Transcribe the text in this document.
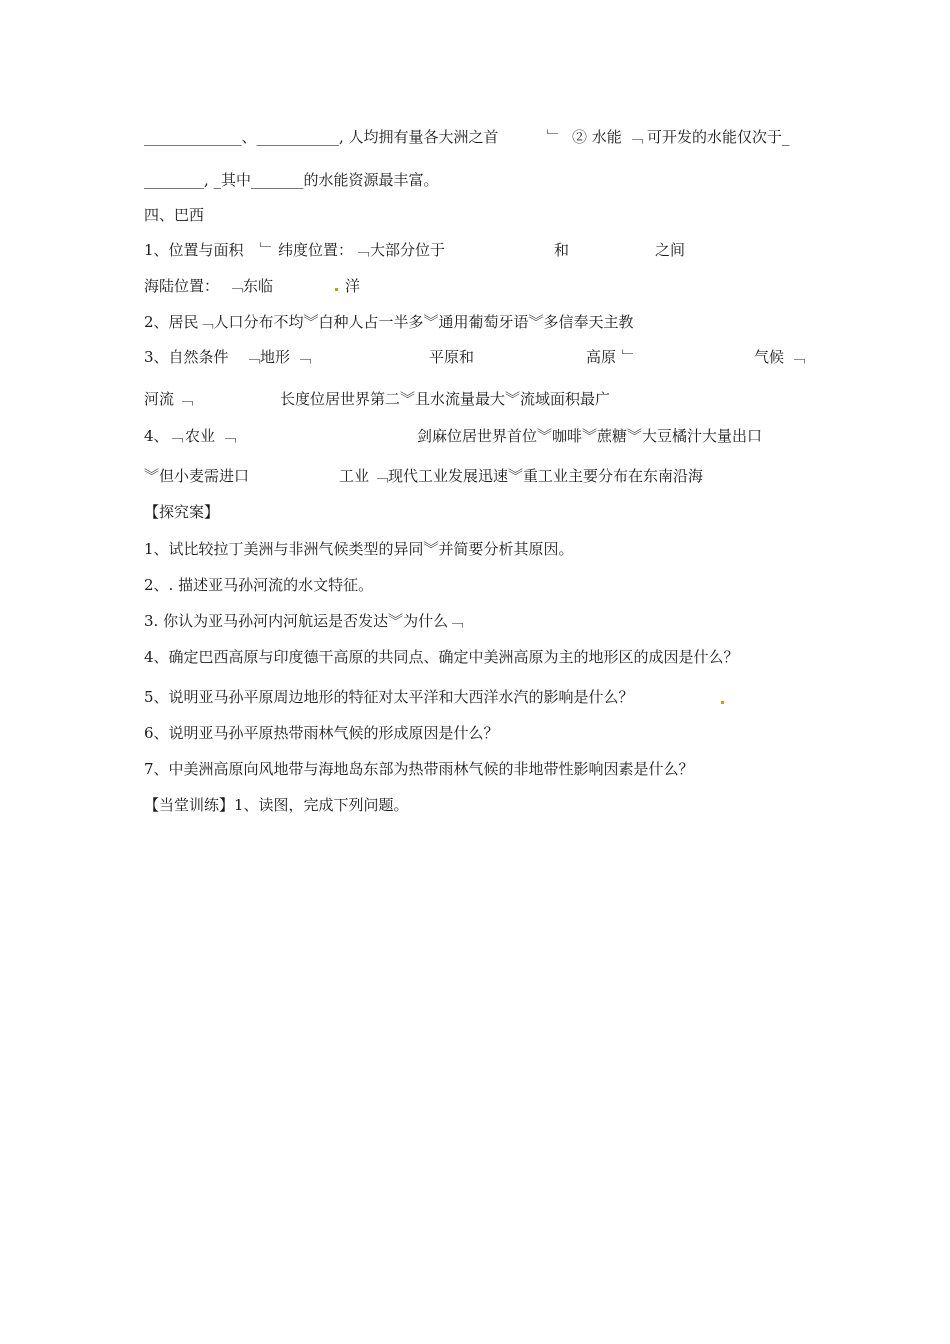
_____________、___________, 人均拥有量各大洲之首	﹂ ② 水能 ﹁ 可开发的水能仅次于_
________, _其中_______的水能资源最丰富。
四、巴西
1、位置与面积 ﹂ 纬度位置： ﹁ 大部分位于	和	之间
海陆位置： ﹁ 东临	洋
2、居民﹁人口分布不均︾白种人占一半多︾通用葡萄牙语︾多信奉天主教
3、自然条件 ﹁ 地形 ﹁	平原和	高原 ﹂	气候 ﹁
河流 ﹁	长度位居世界第二︾且水流量最大︾流域面积最广
4、 ﹁ 农业 ﹁	剑麻位居世界首位︾咖啡︾蔗糖︾大豆橘汁大量出口
︾但小麦需进口	工业 ﹁ 现代工业发展迅速︾重工业主要分布在东南沿海
【探究案】
1、试比较拉丁美洲与非洲气候类型的异同︾并简要分析其原因。
2、. 描述亚马孙河流的水文特征。
3. 你认为亚马孙河内河航运是否发达︾为什么﹁
4、确定巴西高原与印度德干高原的共同点、确定中美洲高原为主的地形区的成因是什么？
5、说明亚马孙平原周边地形的特征对太平洋和大西洋水汽的影响是什么？
6、说明亚马孙平原热带雨林气候的形成原因是什么？
7、中美洲高原向风地带与海地岛东部为热带雨林气候的非地带性影响因素是什么？
【当堂训练】1、读图，完成下列问题。
